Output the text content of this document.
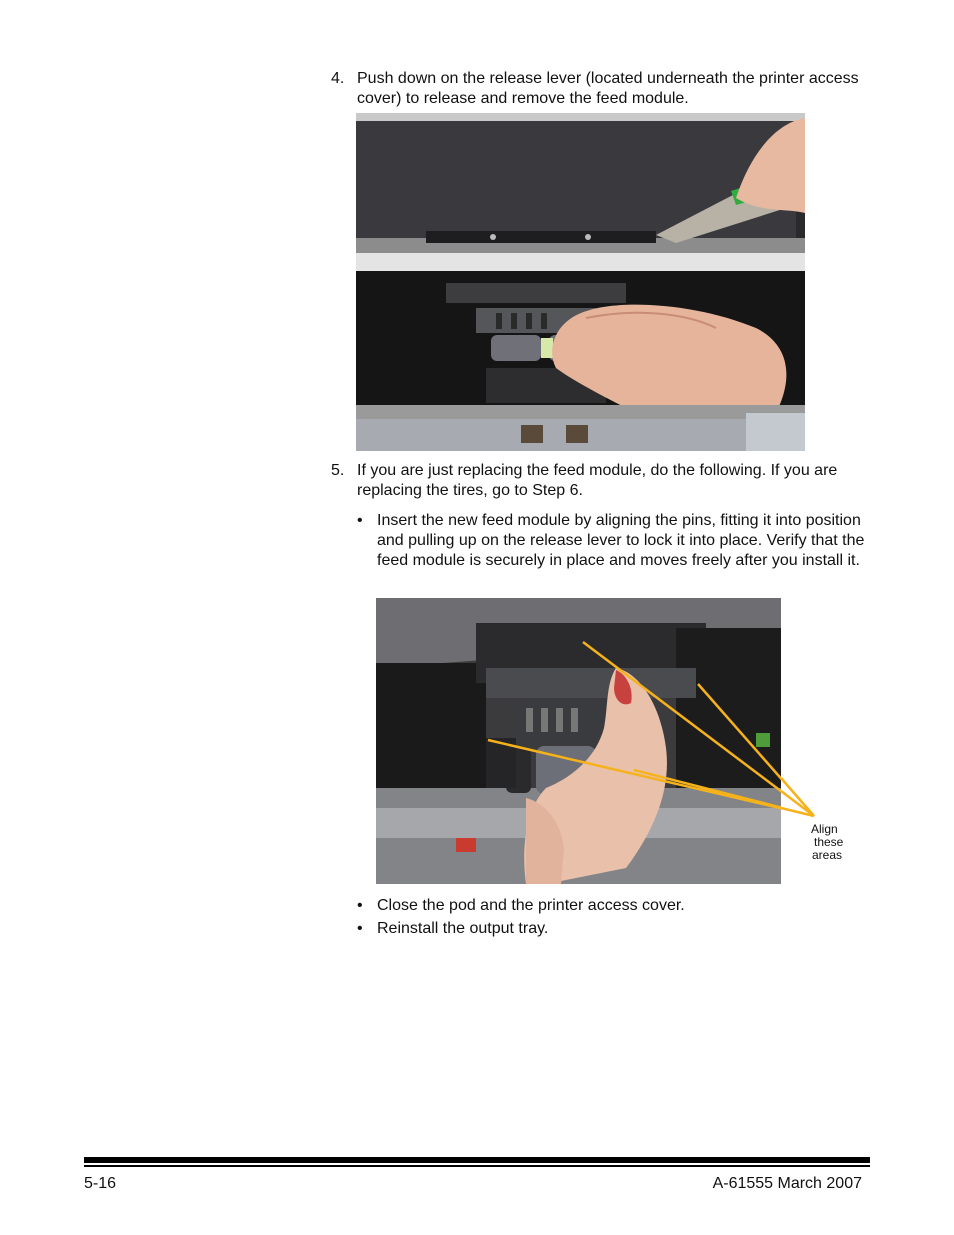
4. Push down on the release lever (located underneath the printer access cover) to release and remove the feed module.
5. If you are just replacing the feed module, do the following. If you are replacing the tires, go to Step 6.
• Insert the new feed module by aligning the pins, fitting it into position and pulling up on the release lever to lock it into place. Verify that the feed module is securely in place and moves freely after you install it.
Align
these
areas
• Close the pod and the printer access cover.
• Reinstall the output tray.
5-16	A-61555 March 2007
